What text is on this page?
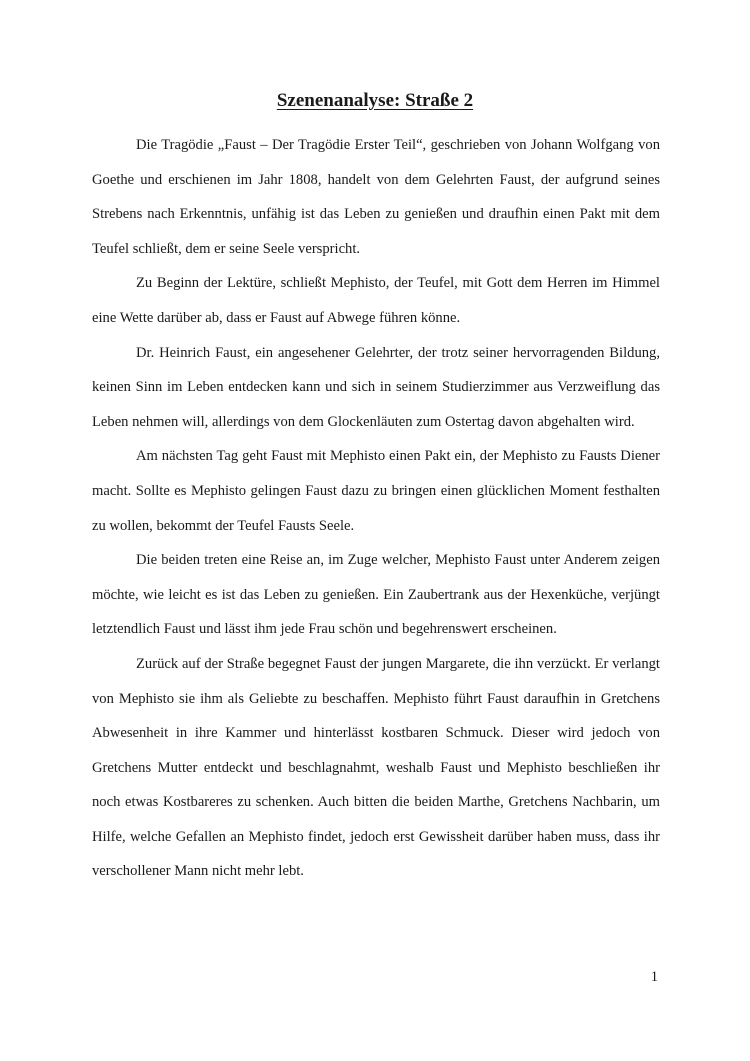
Szenenanalyse: Straße 2

Die Tragödie „Faust – Der Tragödie Erster Teil“, geschrieben von Johann Wolfgang von Goethe und erschienen im Jahr 1808, handelt von dem Gelehrten Faust, der aufgrund seines Strebens nach Erkenntnis, unfähig ist das Leben zu genießen und draufhin einen Pakt mit dem Teufel schließt, dem er seine Seele verspricht.

Zu Beginn der Lektüre, schließt Mephisto, der Teufel, mit Gott dem Herren im Himmel eine Wette darüber ab, dass er Faust auf Abwege führen könne.

Dr. Heinrich Faust, ein angesehener Gelehrter, der trotz seiner hervorragenden Bildung, keinen Sinn im Leben entdecken kann und sich in seinem Studierzimmer aus Verzweiflung das Leben nehmen will, allerdings von dem Glockenläuten zum Ostertag davon abgehalten wird.

Am nächsten Tag geht Faust mit Mephisto einen Pakt ein, der Mephisto zu Fausts Diener macht. Sollte es Mephisto gelingen Faust dazu zu bringen einen glücklichen Moment festhalten zu wollen, bekommt der Teufel Fausts Seele.

Die beiden treten eine Reise an, im Zuge welcher, Mephisto Faust unter Anderem zeigen möchte, wie leicht es ist das Leben zu genießen. Ein Zaubertrank aus der Hexenküche, verjüngt letztendlich Faust und lässt ihm jede Frau schön und begehrenswert erscheinen.

Zurück auf der Straße begegnet Faust der jungen Margarete, die ihn verzückt. Er verlangt von Mephisto sie ihm als Geliebte zu beschaffen. Mephisto führt Faust daraufhin in Gretchens Abwesenheit in ihre Kammer und hinterlässt kostbaren Schmuck. Dieser wird jedoch von Gretchens Mutter entdeckt und beschlagnahmt, weshalb Faust und Mephisto beschließen ihr noch etwas Kostbareres zu schenken. Auch bitten die beiden Marthe, Gretchens Nachbarin, um Hilfe, welche Gefallen an Mephisto findet, jedoch erst Gewissheit darüber haben muss, dass ihr verschollener Mann nicht mehr lebt.

1
